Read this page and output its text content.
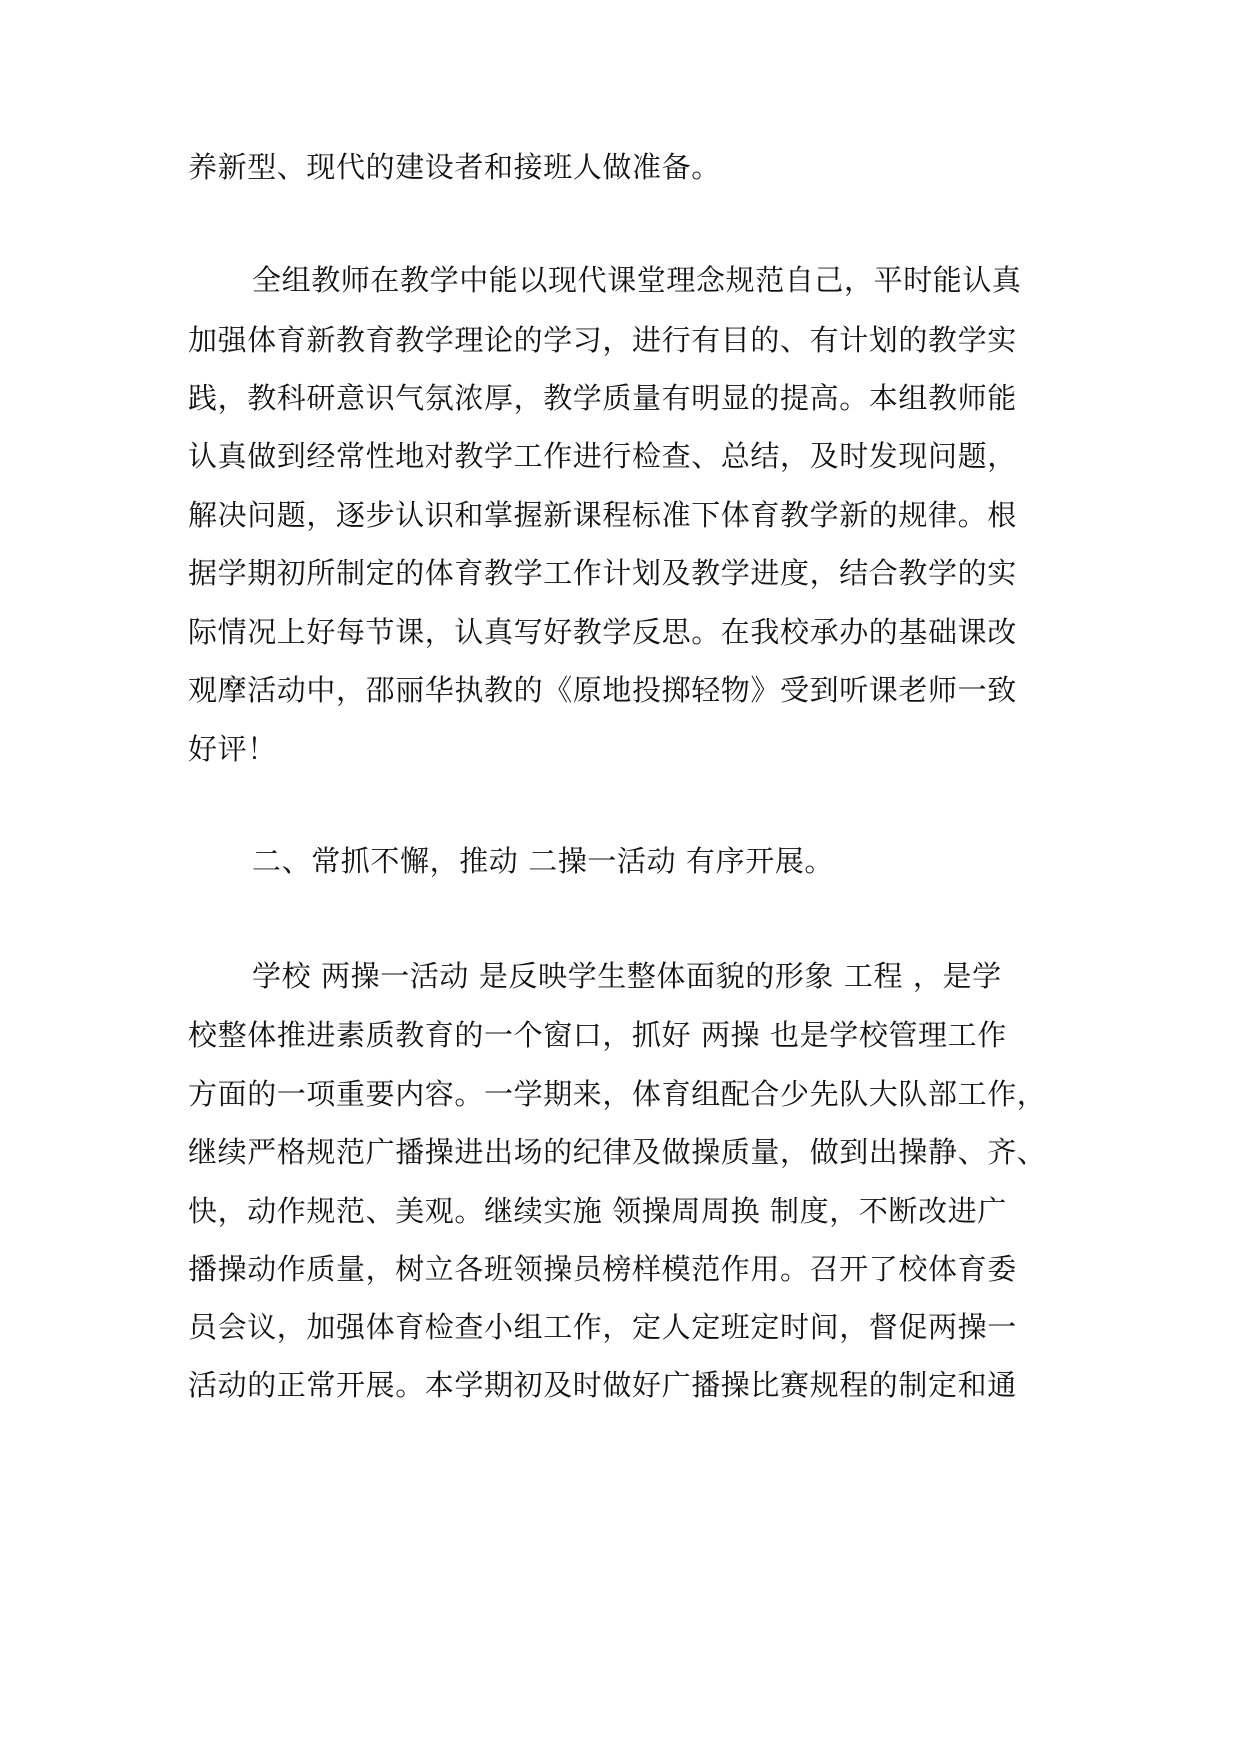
养新型、现代的建设者和接班人做准备。
全组教师在教学中能以现代课堂理念规范自己，平时能认真
加强体育新教育教学理论的学习，进行有目的、有计划的教学实
践，教科研意识气氛浓厚，教学质量有明显的提高。本组教师能
认真做到经常性地对教学工作进行检查、总结，及时发现问题，
解决问题，逐步认识和掌握新课程标准下体育教学新的规律。根
据学期初所制定的体育教学工作计划及教学进度，结合教学的实
际情况上好每节课，认真写好教学反思。在我校承办的基础课改
观摩活动中，邵丽华执教的《原地投掷轻物》受到听课老师一致
好评！
二、常抓不懈，推动 二操一活动 有序开展。
学校 两操一活动 是反映学生整体面貌的形象 工程 ，是学
校整体推进素质教育的一个窗口，抓好 两操 也是学校管理工作
方面的一项重要内容。一学期来，体育组配合少先队大队部工作，
继续严格规范广播操进出场的纪律及做操质量，做到出操静、齐、
快，动作规范、美观。继续实施 领操周周换 制度，不断改进广
播操动作质量，树立各班领操员榜样模范作用。召开了校体育委
员会议，加强体育检查小组工作，定人定班定时间，督促两操一
活动的正常开展。本学期初及时做好广播操比赛规程的制定和通
